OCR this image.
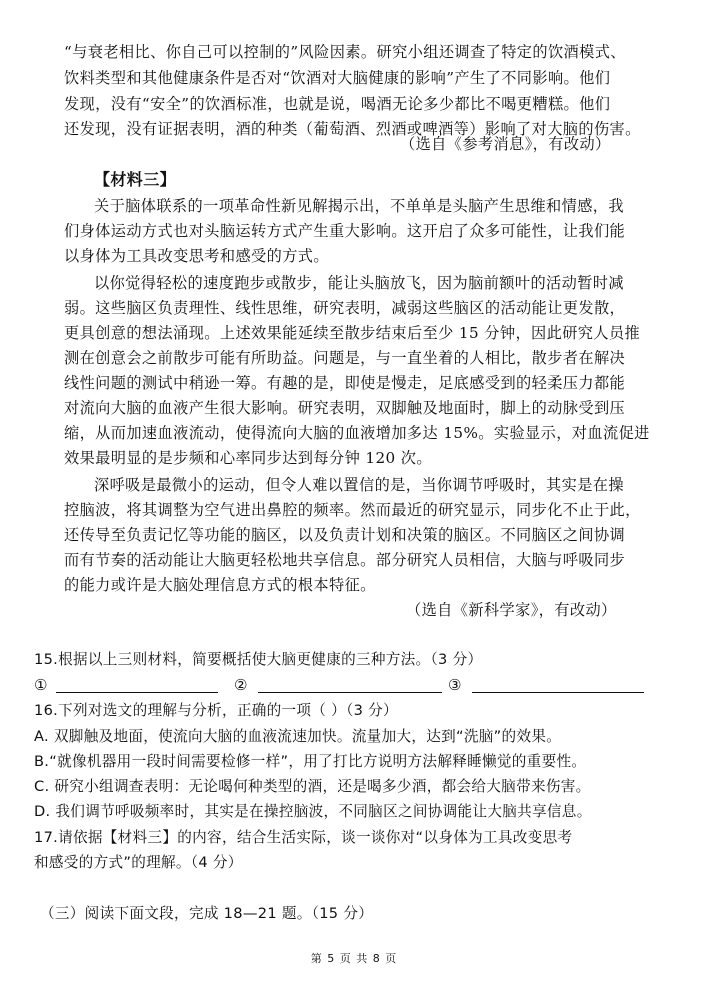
“与衰老相比、你自己可以控制的”风险因素。研究小组还调查了特定的饮酒模式、
饮料类型和其他健康条件是否对“饮酒对大脑健康的影响”产生了不同影响。他们
发现，没有“安全”的饮酒标准，也就是说，喝酒无论多少都比不喝更糟糕。他们
还发现，没有证据表明，酒的种类（葡萄酒、烈酒或啤酒等）影响了对大脑的伤害。
（选自《参考消息》，有改动）
【材料三】
关于脑体联系的一项革命性新见解揭示出，不单单是头脑产生思维和情感，我
们身体运动方式也对头脑运转方式产生重大影响。这开启了众多可能性，让我们能
以身体为工具改变思考和感受的方式。
以你觉得轻松的速度跑步或散步，能让头脑放飞，因为脑前额叶的活动暂时减
弱。这些脑区负责理性、线性思维，研究表明，减弱这些脑区的活动能让更发散，
更具创意的想法涌现。上述效果能延续至散步结束后至少 15 分钟，因此研究人员推
测在创意会之前散步可能有所助益。问题是，与一直坐着的人相比，散步者在解决
线性问题的测试中稍逊一筹。有趣的是，即使是慢走，足底感受到的轻柔压力都能
对流向大脑的血液产生很大影响。研究表明，双脚触及地面时，脚上的动脉受到压
缩，从而加速血液流动，使得流向大脑的血液增加多达 15%。实验显示，对血流促进
效果最明显的是步频和心率同步达到每分钟 120 次。
深呼吸是最微小的运动，但令人难以置信的是，当你调节呼吸时，其实是在操
控脑波，将其调整为空气进出鼻腔的频率。然而最近的研究显示，同步化不止于此，
还传导至负责记忆等功能的脑区，以及负责计划和决策的脑区。不同脑区之间协调
而有节奏的活动能让大脑更轻松地共享信息。部分研究人员相信，大脑与呼吸同步
的能力或许是大脑处理信息方式的根本特征。
（选自《新科学家》，有改动）
15.根据以上三则材料，简要概括使大脑更健康的三种方法。（3 分）
①	②	③
16.下列对选文的理解与分析，正确的一项（ ）（3 分）
A. 双脚触及地面，使流向大脑的血液流速加快。流量加大，达到“洗脑”的效果。
B.“就像机器用一段时间需要检修一样”，用了打比方说明方法解释睡懒觉的重要性。
C. 研究小组调查表明：无论喝何种类型的酒，还是喝多少酒，都会给大脑带来伤害。
D. 我们调节呼吸频率时，其实是在操控脑波，不同脑区之间协调能让大脑共享信息。
17.请依据【材料三】的内容，结合生活实际，谈一谈你对“以身体为工具改变思考
和感受的方式”的理解。（4 分）
（三）阅读下面文段，完成 18—21 题。（15 分）
第 5 页 共 8 页
